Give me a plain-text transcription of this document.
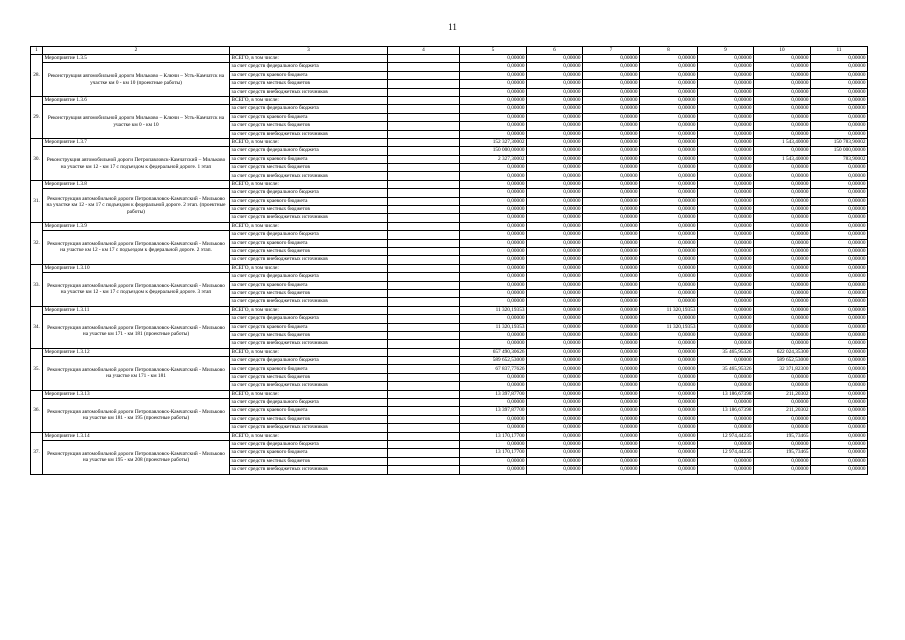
11
1	2	3	4	5	6	7	8	9	10	11
28.	Мероприятие 1.3.5	ВСЕГО, в том числе:		0,00000	0,00000	0,00000	0,00000	0,00000	0,00000	0,00000
	Реконструкция автомобильной дороги Мильково – Ключи – Усть-Камчатск на участке км 0 - км 10 (проектные работы)	за счет средств федерального бюджета		0,00000	0,00000	0,00000	0,00000	0,00000	0,00000	0,00000
		за счет средств краевого бюджета		0,00000	0,00000	0,00000	0,00000	0,00000	0,00000	0,00000
		за счет средств местных бюджетов		0,00000	0,00000	0,00000	0,00000	0,00000	0,00000	0,00000
		за счет средств внебюджетных источников		0,00000	0,00000	0,00000	0,00000	0,00000	0,00000	0,00000
29.	Мероприятие 1.3.6	ВСЕГО, в том числе:		0,00000	0,00000	0,00000	0,00000	0,00000	0,00000	0,00000
	Реконструкция автомобильной дороги Мильково – Ключи – Усть-Камчатск на участке км 0 - км 10	за счет средств федерального бюджета		0,00000	0,00000	0,00000	0,00000	0,00000	0,00000	0,00000
		за счет средств краевого бюджета		0,00000	0,00000	0,00000	0,00000	0,00000	0,00000	0,00000
		за счет средств местных бюджетов		0,00000	0,00000	0,00000	0,00000	0,00000	0,00000	0,00000
		за счет средств внебюджетных источников		0,00000	0,00000	0,00000	0,00000	0,00000	0,00000	0,00000
30.	Мероприятие 1.3.7	ВСЕГО, в том числе:		152 327,30002	0,00000	0,00000	0,00000	0,00000	1 543,40000	150 783,90002
	Реконструкция автомобильной дороги Петропавловск-Камчатский – Мильково на участке км 12 - км 17 с подъездом к федеральной дороге. 1 этап	за счет средств федерального бюджета		150 000,00000	0,00000	0,00000	0,00000	0,00000	0,00000	150 000,00000
		за счет средств краевого бюджета		2 327,30002	0,00000	0,00000	0,00000	0,00000	1 543,40000	783,90002
		за счет средств местных бюджетов		0,00000	0,00000	0,00000	0,00000	0,00000	0,00000	0,00000
		за счет средств внебюджетных источников		0,00000	0,00000	0,00000	0,00000	0,00000	0,00000	0,00000
31.	Мероприятие 1.3.8	ВСЕГО, в том числе:		0,00000	0,00000	0,00000	0,00000	0,00000	0,00000	0,00000
	Реконструкция автомобильной дороги Петропавловск-Камчатский - Мильково на участке км 12 - км 17 с подъездом к федеральной дороге. 2 этап. (проектные работы)	за счет средств федерального бюджета		0,00000	0,00000	0,00000	0,00000	0,00000	0,00000	0,00000
		за счет средств краевого бюджета		0,00000	0,00000	0,00000	0,00000	0,00000	0,00000	0,00000
		за счет средств местных бюджетов		0,00000	0,00000	0,00000	0,00000	0,00000	0,00000	0,00000
		за счет средств внебюджетных источников		0,00000	0,00000	0,00000	0,00000	0,00000	0,00000	0,00000
32.	Мероприятие 1.3.9	ВСЕГО, в том числе:		0,00000	0,00000	0,00000	0,00000	0,00000	0,00000	0,00000
	Реконструкция автомобильной дороги Петропавловск-Камчатский - Мильково на участке км 12 - км 17 с подъездом к федеральной дороге. 2 этап.	за счет средств федерального бюджета		0,00000	0,00000	0,00000	0,00000	0,00000	0,00000	0,00000
		за счет средств краевого бюджета		0,00000	0,00000	0,00000	0,00000	0,00000	0,00000	0,00000
		за счет средств местных бюджетов		0,00000	0,00000	0,00000	0,00000	0,00000	0,00000	0,00000
		за счет средств внебюджетных источников		0,00000	0,00000	0,00000	0,00000	0,00000	0,00000	0,00000
33.	Мероприятие 1.3.10	ВСЕГО, в том числе:		0,00000	0,00000	0,00000	0,00000	0,00000	0,00000	0,00000
	Реконструкция автомобильной дороги Петропавловск-Камчатский - Мильково на участке км 12 - км 17 с подъездом к федеральной дороге. 3 этап	за счет средств федерального бюджета		0,00000	0,00000	0,00000	0,00000	0,00000	0,00000	0,00000
		за счет средств краевого бюджета		0,00000	0,00000	0,00000	0,00000	0,00000	0,00000	0,00000
		за счет средств местных бюджетов		0,00000	0,00000	0,00000	0,00000	0,00000	0,00000	0,00000
		за счет средств внебюджетных источников		0,00000	0,00000	0,00000	0,00000	0,00000	0,00000	0,00000
34.	Мероприятие 1.3.11	ВСЕГО, в том числе:		11 320,19353	0,00000	0,00000	11 320,19353	0,00000	0,00000	0,00000
	Реконструкция автомобильной дороги Петропавловск-Камчатский - Мильково на участке км 171 - км 181 (проектные работы)	за счет средств федерального бюджета		0,00000	0,00000	0,00000	0,00000	0,00000	0,00000	0,00000
		за счет средств краевого бюджета		11 320,19353	0,00000	0,00000	11 320,19353	0,00000	0,00000	0,00000
		за счет средств местных бюджетов		0,00000	0,00000	0,00000	0,00000	0,00000	0,00000	0,00000
		за счет средств внебюджетных источников		0,00000	0,00000	0,00000	0,00000	0,00000	0,00000	0,00000
35.	Мероприятие 1.3.12	ВСЕГО, в том числе:		657 490,30626	0,00000	0,00000	0,00000	35 465,95326	622 024,35300	0,00000
	Реконструкция автомобильной дороги Петропавловск-Камчатский - Мильково на участке км 171 - км 181	за счет средств федерального бюджета		589 652,53000	0,00000	0,00000	0,00000	0,00000	589 652,53000	0,00000
		за счет средств краевого бюджета		67 837,77626	0,00000	0,00000	0,00000	35 465,95326	32 371,82300	0,00000
		за счет средств местных бюджетов		0,00000	0,00000	0,00000	0,00000	0,00000	0,00000	0,00000
		за счет средств внебюджетных источников		0,00000	0,00000	0,00000	0,00000	0,00000	0,00000	0,00000
36.	Мероприятие 1.3.13	ВСЕГО, в том числе:		13 397,87700	0,00000	0,00000	0,00000	13 186,67398	211,20302	0,00000
	Реконструкция автомобильной дороги Петропавловск-Камчатский - Мильково на участке км 181 - км 195 (проектные работы)	за счет средств федерального бюджета		0,00000	0,00000	0,00000	0,00000	0,00000	0,00000	0,00000
		за счет средств краевого бюджета		13 397,87700	0,00000	0,00000	0,00000	13 186,67398	211,20302	0,00000
		за счет средств местных бюджетов		0,00000	0,00000	0,00000	0,00000	0,00000	0,00000	0,00000
		за счет средств внебюджетных источников		0,00000	0,00000	0,00000	0,00000	0,00000	0,00000	0,00000
37.	Мероприятие 1.3.14	ВСЕГО, в том числе:		13 170,17700	0,00000	0,00000	0,00000	12 974,44235	195,73465	0,00000
	Реконструкция автомобильной дороги Петропавловск-Камчатский - Мильково на участке км 195 - км 208 (проектные работы)	за счет средств федерального бюджета		0,00000	0,00000	0,00000	0,00000	0,00000	0,00000	0,00000
		за счет средств краевого бюджета		13 170,17700	0,00000	0,00000	0,00000	12 974,44235	195,73465	0,00000
		за счет средств местных бюджетов		0,00000	0,00000	0,00000	0,00000	0,00000	0,00000	0,00000
		за счет средств внебюджетных источников		0,00000	0,00000	0,00000	0,00000	0,00000	0,00000	0,00000
